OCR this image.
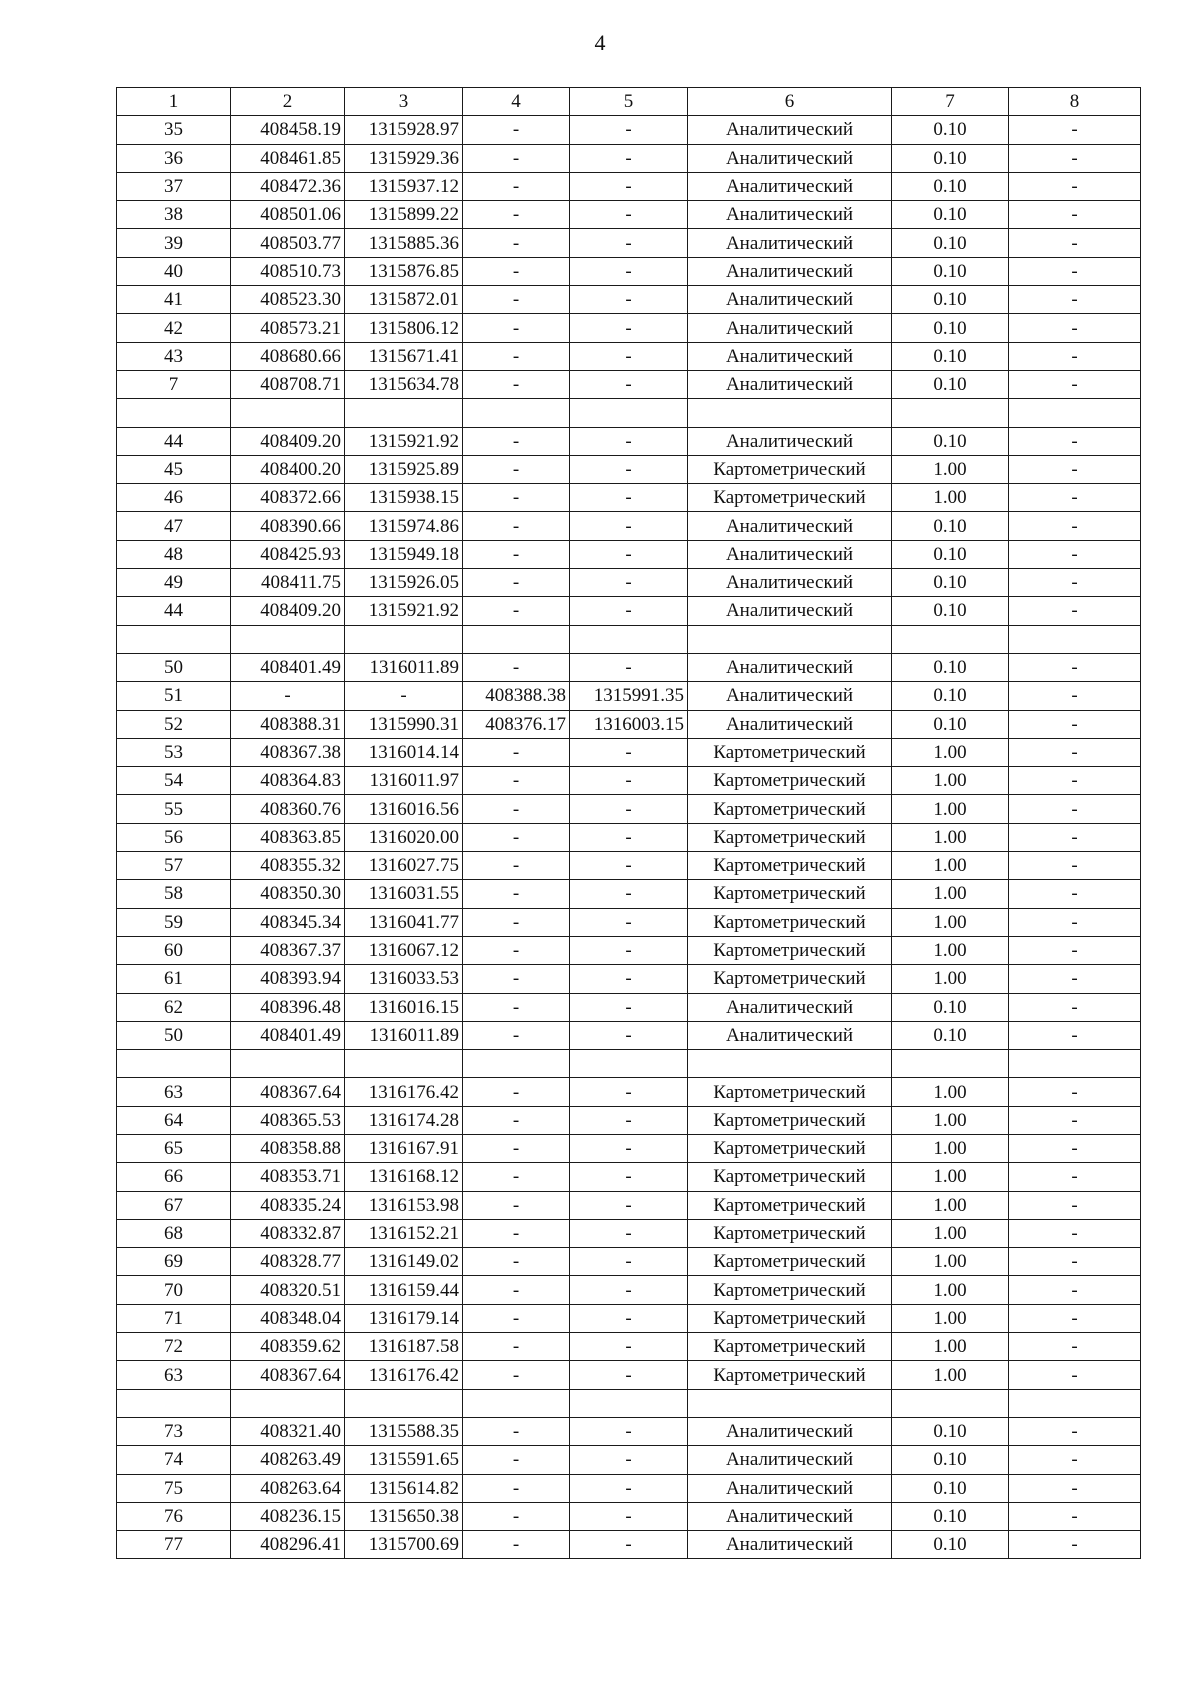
4
1	2	3	4	5	6	7	8
35	408458.19	1315928.97	-	-	Аналитический	0.10	-
36	408461.85	1315929.36	-	-	Аналитический	0.10	-
37	408472.36	1315937.12	-	-	Аналитический	0.10	-
38	408501.06	1315899.22	-	-	Аналитический	0.10	-
39	408503.77	1315885.36	-	-	Аналитический	0.10	-
40	408510.73	1315876.85	-	-	Аналитический	0.10	-
41	408523.30	1315872.01	-	-	Аналитический	0.10	-
42	408573.21	1315806.12	-	-	Аналитический	0.10	-
43	408680.66	1315671.41	-	-	Аналитический	0.10	-
7	408708.71	1315634.78	-	-	Аналитический	0.10	-

44	408409.20	1315921.92	-	-	Аналитический	0.10	-
45	408400.20	1315925.89	-	-	Картометрический	1.00	-
46	408372.66	1315938.15	-	-	Картометрический	1.00	-
47	408390.66	1315974.86	-	-	Аналитический	0.10	-
48	408425.93	1315949.18	-	-	Аналитический	0.10	-
49	408411.75	1315926.05	-	-	Аналитический	0.10	-
44	408409.20	1315921.92	-	-	Аналитический	0.10	-

50	408401.49	1316011.89	-	-	Аналитический	0.10	-
51	-	-	408388.38	1315991.35	Аналитический	0.10	-
52	408388.31	1315990.31	408376.17	1316003.15	Аналитический	0.10	-
53	408367.38	1316014.14	-	-	Картометрический	1.00	-
54	408364.83	1316011.97	-	-	Картометрический	1.00	-
55	408360.76	1316016.56	-	-	Картометрический	1.00	-
56	408363.85	1316020.00	-	-	Картометрический	1.00	-
57	408355.32	1316027.75	-	-	Картометрический	1.00	-
58	408350.30	1316031.55	-	-	Картометрический	1.00	-
59	408345.34	1316041.77	-	-	Картометрический	1.00	-
60	408367.37	1316067.12	-	-	Картометрический	1.00	-
61	408393.94	1316033.53	-	-	Картометрический	1.00	-
62	408396.48	1316016.15	-	-	Аналитический	0.10	-
50	408401.49	1316011.89	-	-	Аналитический	0.10	-

63	408367.64	1316176.42	-	-	Картометрический	1.00	-
64	408365.53	1316174.28	-	-	Картометрический	1.00	-
65	408358.88	1316167.91	-	-	Картометрический	1.00	-
66	408353.71	1316168.12	-	-	Картометрический	1.00	-
67	408335.24	1316153.98	-	-	Картометрический	1.00	-
68	408332.87	1316152.21	-	-	Картометрический	1.00	-
69	408328.77	1316149.02	-	-	Картометрический	1.00	-
70	408320.51	1316159.44	-	-	Картометрический	1.00	-
71	408348.04	1316179.14	-	-	Картометрический	1.00	-
72	408359.62	1316187.58	-	-	Картометрический	1.00	-
63	408367.64	1316176.42	-	-	Картометрический	1.00	-

73	408321.40	1315588.35	-	-	Аналитический	0.10	-
74	408263.49	1315591.65	-	-	Аналитический	0.10	-
75	408263.64	1315614.82	-	-	Аналитический	0.10	-
76	408236.15	1315650.38	-	-	Аналитический	0.10	-
77	408296.41	1315700.69	-	-	Аналитический	0.10	-
